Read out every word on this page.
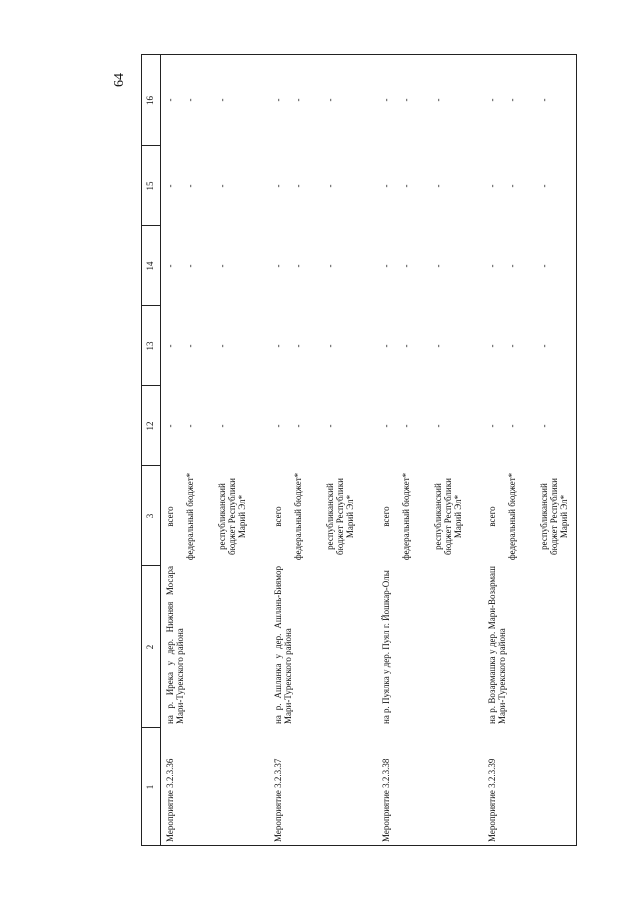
64
1
2
3
12
13
14
15
16
Мероприятие 3.2.3.36
на р. Ирека у дер. Нижняя Мосара Мари-Турекского района
всего федеральный бюджет* республиканский бюджет Республики Марий Эл*
Мероприятие 3.2.3.37
на р. Ашланка у дер. Ашлань-Биямор Мари-Турекского района
всего федеральный бюджет* республиканский бюджет Республики Марий Эл*
Мероприятие 3.2.3.38
на р. Пуялка у дер. Пуял г. Йошкар-Олы
всего федеральный бюджет* республиканский бюджет Республики Марий Эл*
Мероприятие 3.2.3.39
на р. Возармашка у дер. Мари-Возармаш Мари-Турекского района
всего федеральный бюджет* республиканский бюджет Республики Марий Эл*
-
-
-
-
-
-
-
-
-
-
-
-
-
-
-
-
-
-
-
-
-
-
-
-
-
-
-
-
-
-
-
-
-
-
-
-
-
-
-
-
-
-
-
-
-
-
-
-
-
-
-
-
-
-
-
-
-
-
-
-
